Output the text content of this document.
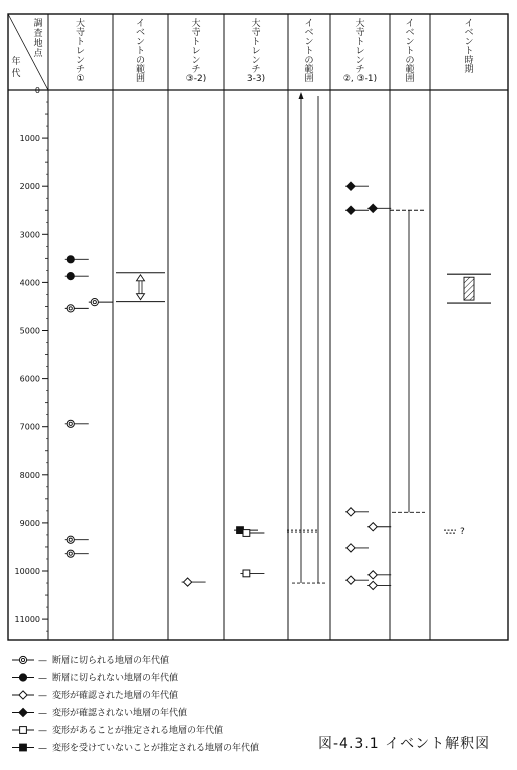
調
査
地
点
年
代
大
寺
ト
レ
ン
チ
①
イ
ベ
ン
ト
の
範
囲
大
寺
ト
レ
ン
チ
③-2)
大
寺
ト
レ
ン
チ
3-3)
イ
ベ
ン
ト
の
範
囲
大
寺
ト
レ
ン
チ
②, ③-1)
イ
ベ
ン
ト
の
範
囲
イ
ベ
ン
ト
時
期
0
1000
2000
3000
4000
5000
6000
7000
8000
9000
10000
11000
?
— 断層に切られる地層の年代値
— 断層に切られない地層の年代値
— 変形が確認された地層の年代値
— 変形が確認されない地層の年代値
— 変形があることが推定される地層の年代値
— 変形を受けていないことが推定される地層の年代値	図-4.3.1 イベント解釈図
